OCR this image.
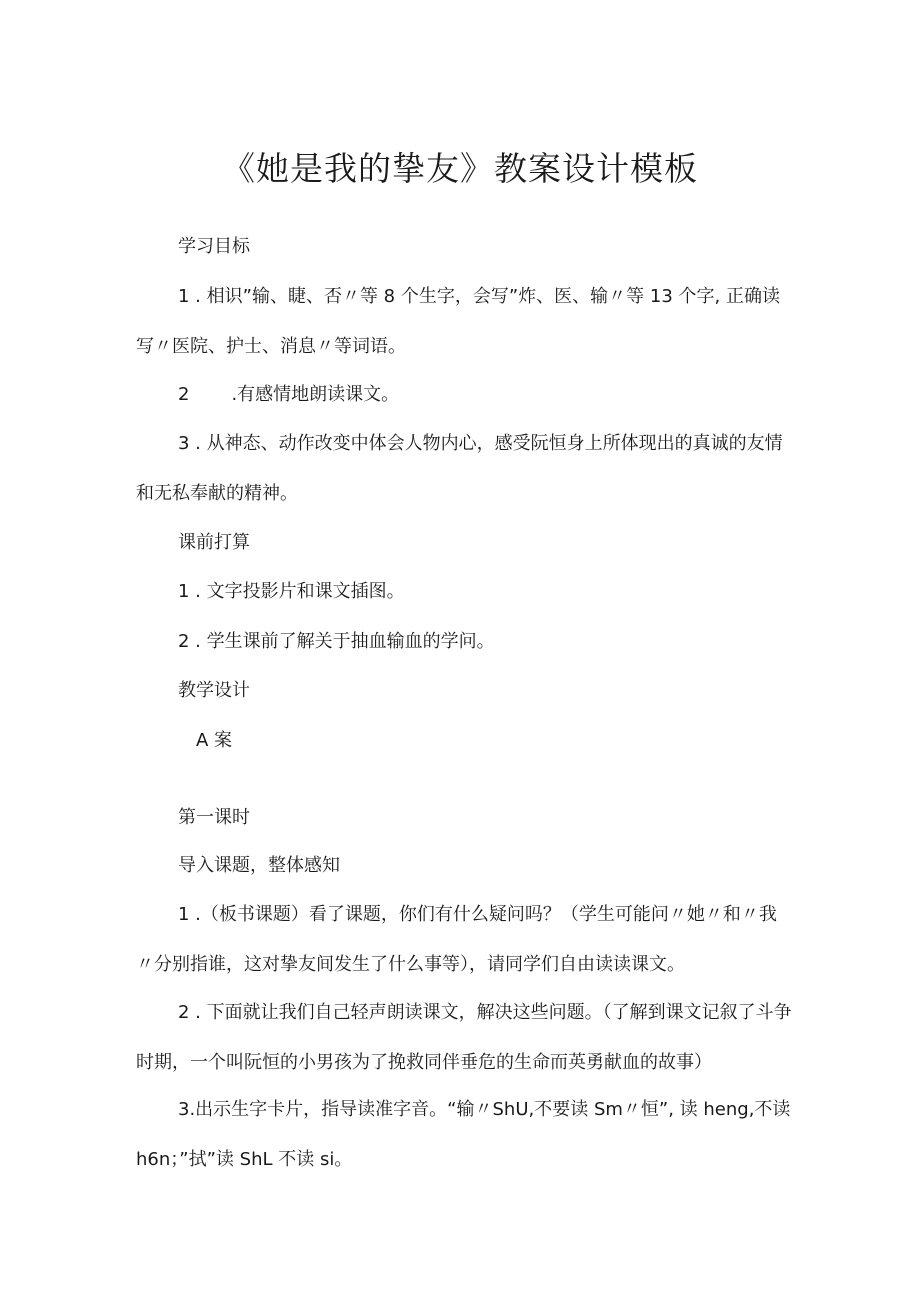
《她是我的挚友》教案设计模板

学习目标

1 . 相识”输、睫、否〃等 8 个生字，会写”炸、医、输〃等 13 个字, 正确读写〃医院、护士、消息〃等词语。

2 .有感情地朗读课文。

3 . 从神态、动作改变中体会人物内心，感受阮恒身上所体现出的真诚的友情和无私奉献的精神。

课前打算

1 . 文字投影片和课文插图。

2 . 学生课前了解关于抽血输血的学问。

教学设计

A 案

第一课时

导入课题，整体感知

1 .（板书课题）看了课题，你们有什么疑问吗？（学生可能问〃她〃和〃我〃分别指谁，这对挚友间发生了什么事等），请同学们自由读读课文。

2 . 下面就让我们自己轻声朗读课文，解决这些问题。（了解到课文记叙了斗争时期，一个叫阮恒的小男孩为了挽救同伴垂危的生命而英勇献血的故事）

3.出示生字卡片，指导读准字音。“输〃ShU,不要读 Sm〃恒”, 读 heng,不读 h6n；”拭”读 ShL 不读 si。
